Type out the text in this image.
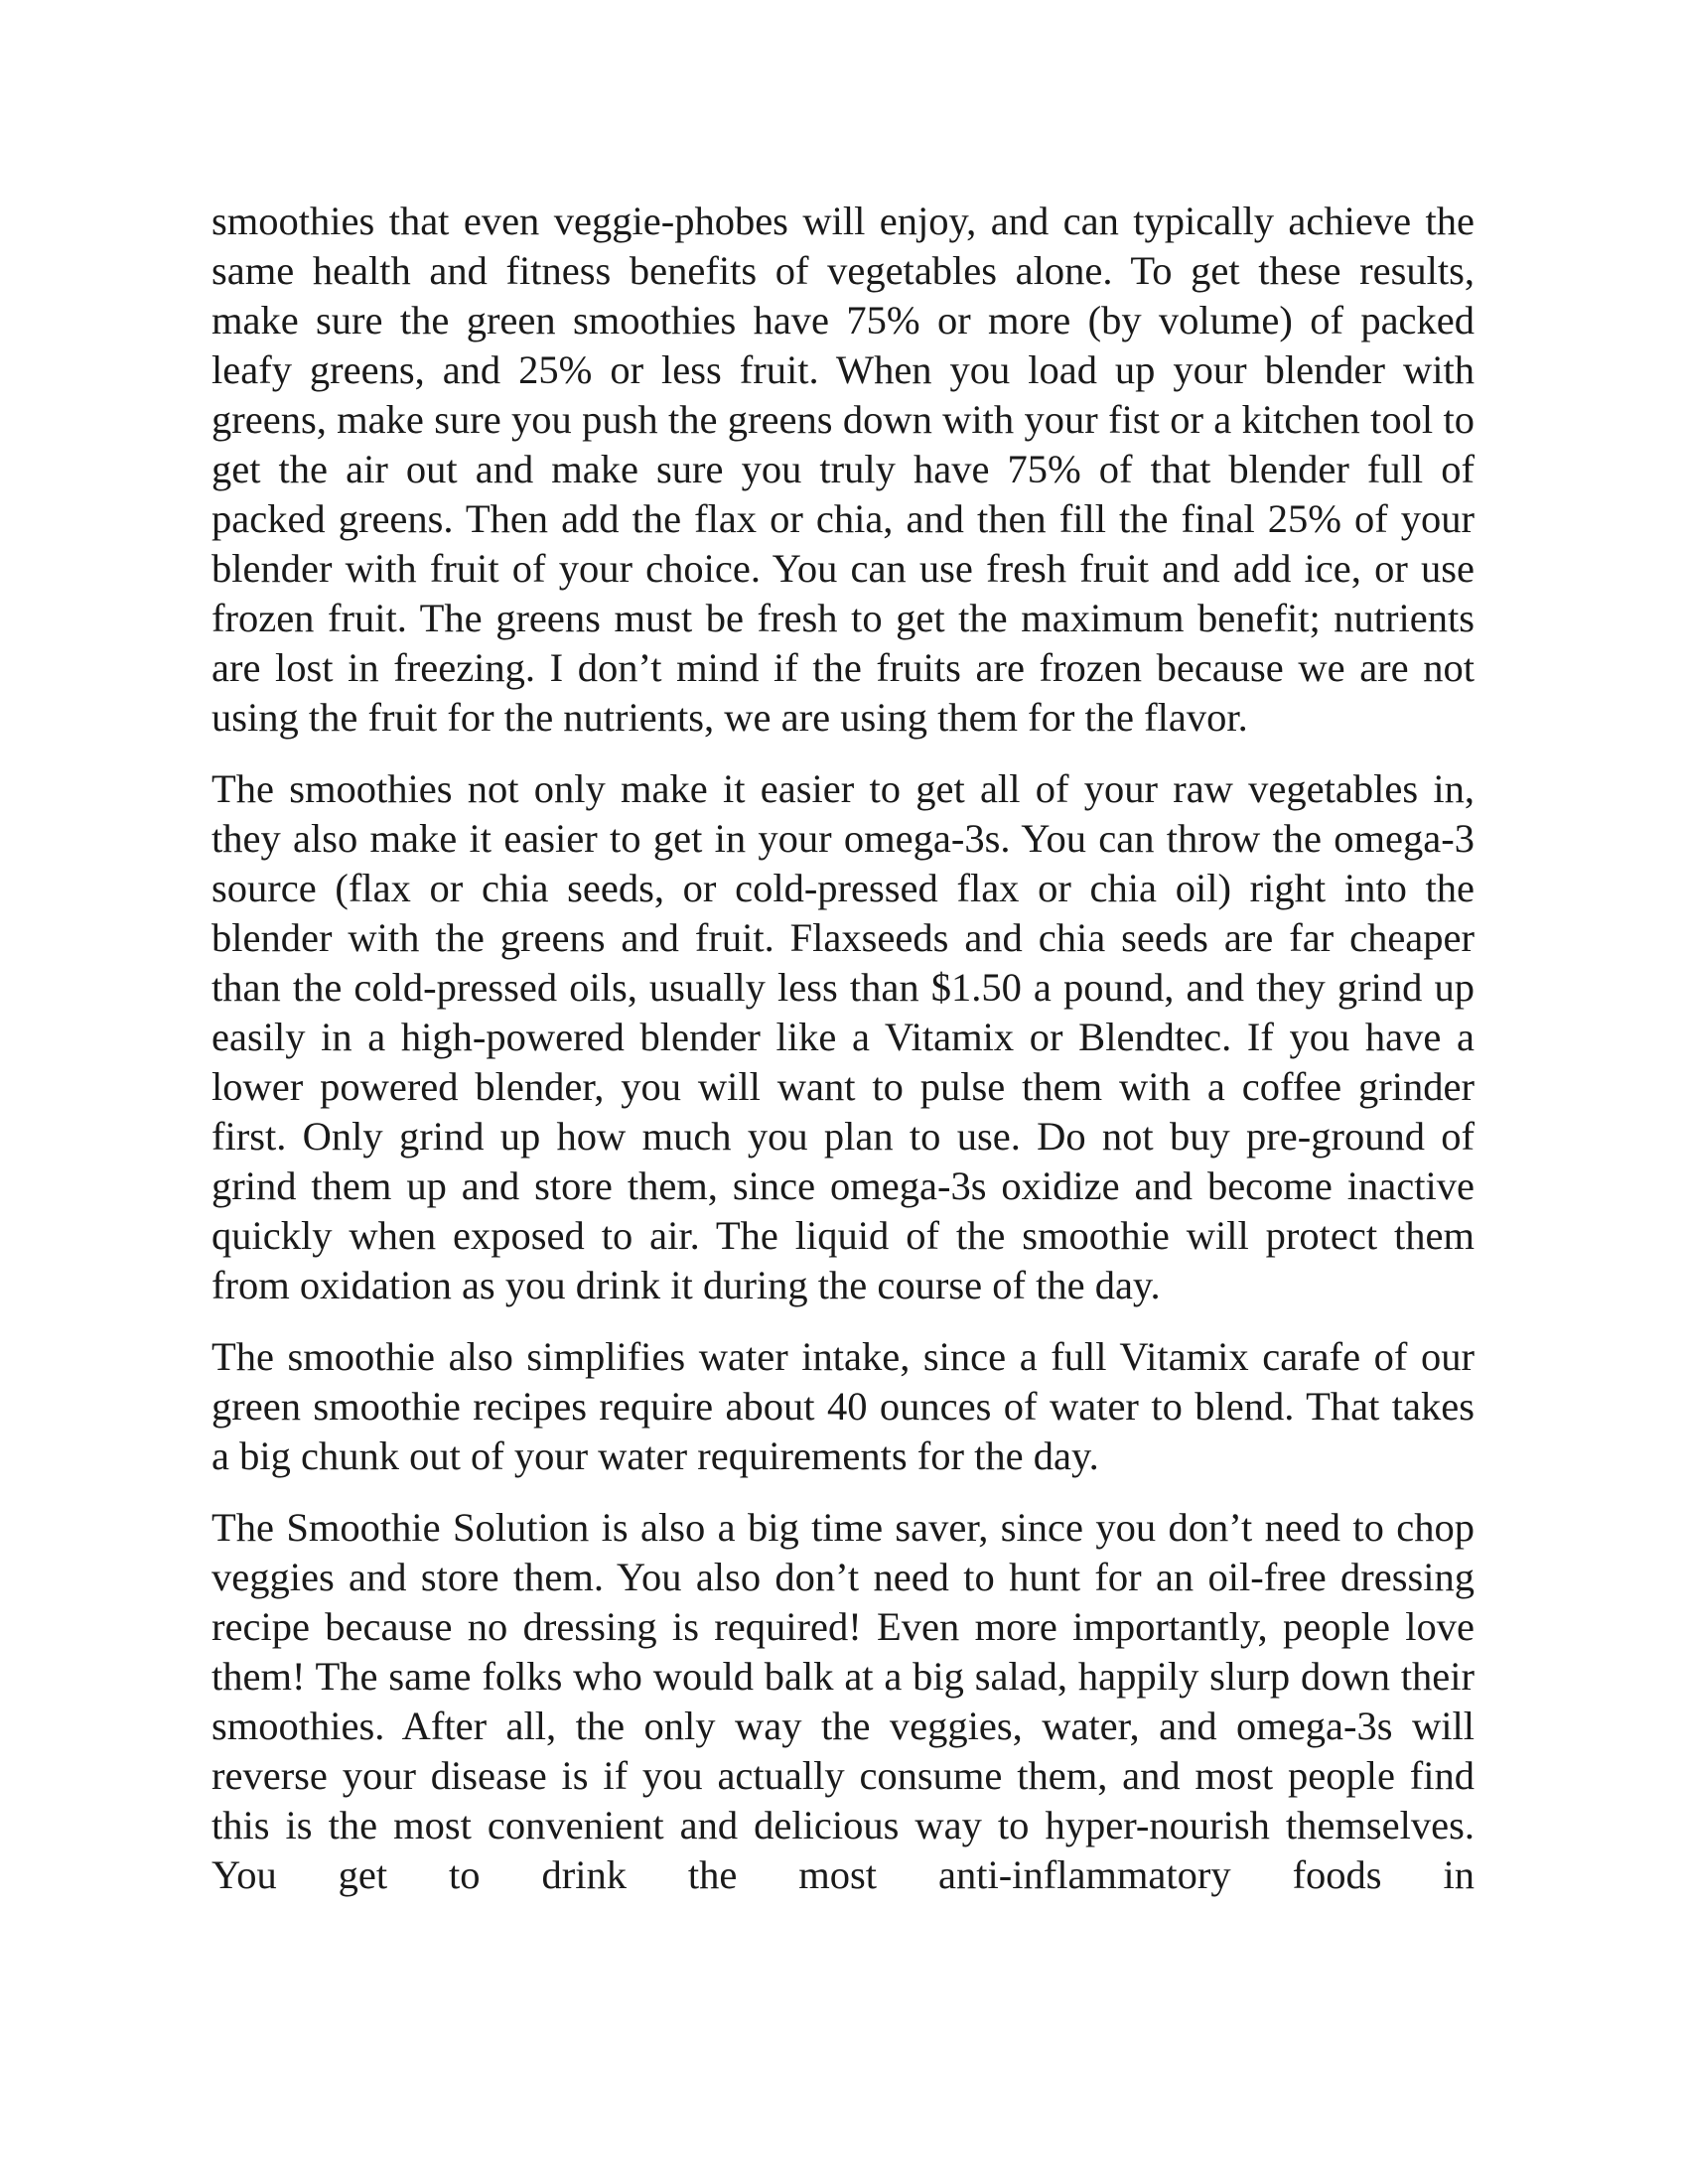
smoothies that even veggie-phobes will enjoy, and can typically achieve the same health and fitness benefits of vegetables alone. To get these results, make sure the green smoothies have 75% or more (by volume) of packed leafy greens, and 25% or less fruit. When you load up your blender with greens, make sure you push the greens down with your fist or a kitchen tool to get the air out and make sure you truly have 75% of that blender full of packed greens. Then add the flax or chia, and then fill the final 25% of your blender with fruit of your choice. You can use fresh fruit and add ice, or use frozen fruit. The greens must be fresh to get the maximum benefit; nutrients are lost in freezing. I don’t mind if the fruits are frozen because we are not using the fruit for the nutrients, we are using them for the flavor.

The smoothies not only make it easier to get all of your raw vegetables in, they also make it easier to get in your omega-3s. You can throw the omega-3 source (flax or chia seeds, or cold-pressed flax or chia oil) right into the blender with the greens and fruit. Flaxseeds and chia seeds are far cheaper than the cold-pressed oils, usually less than $1.50 a pound, and they grind up easily in a high-powered blender like a Vitamix or Blendtec. If you have a lower powered blender, you will want to pulse them with a coffee grinder first. Only grind up how much you plan to use. Do not buy pre-ground of grind them up and store them, since omega-3s oxidize and become inactive quickly when exposed to air. The liquid of the smoothie will protect them from oxidation as you drink it during the course of the day.

The smoothie also simplifies water intake, since a full Vitamix carafe of our green smoothie recipes require about 40 ounces of water to blend. That takes a big chunk out of your water requirements for the day.

The Smoothie Solution is also a big time saver, since you don’t need to chop veggies and store them. You also don’t need to hunt for an oil-free dressing recipe because no dressing is required! Even more importantly, people love them! The same folks who would balk at a big salad, happily slurp down their smoothies. After all, the only way the veggies, water, and omega-3s will reverse your disease is if you actually consume them, and most people find this is the most convenient and delicious way to hyper-nourish themselves. You get to drink the most anti-inflammatory foods in
